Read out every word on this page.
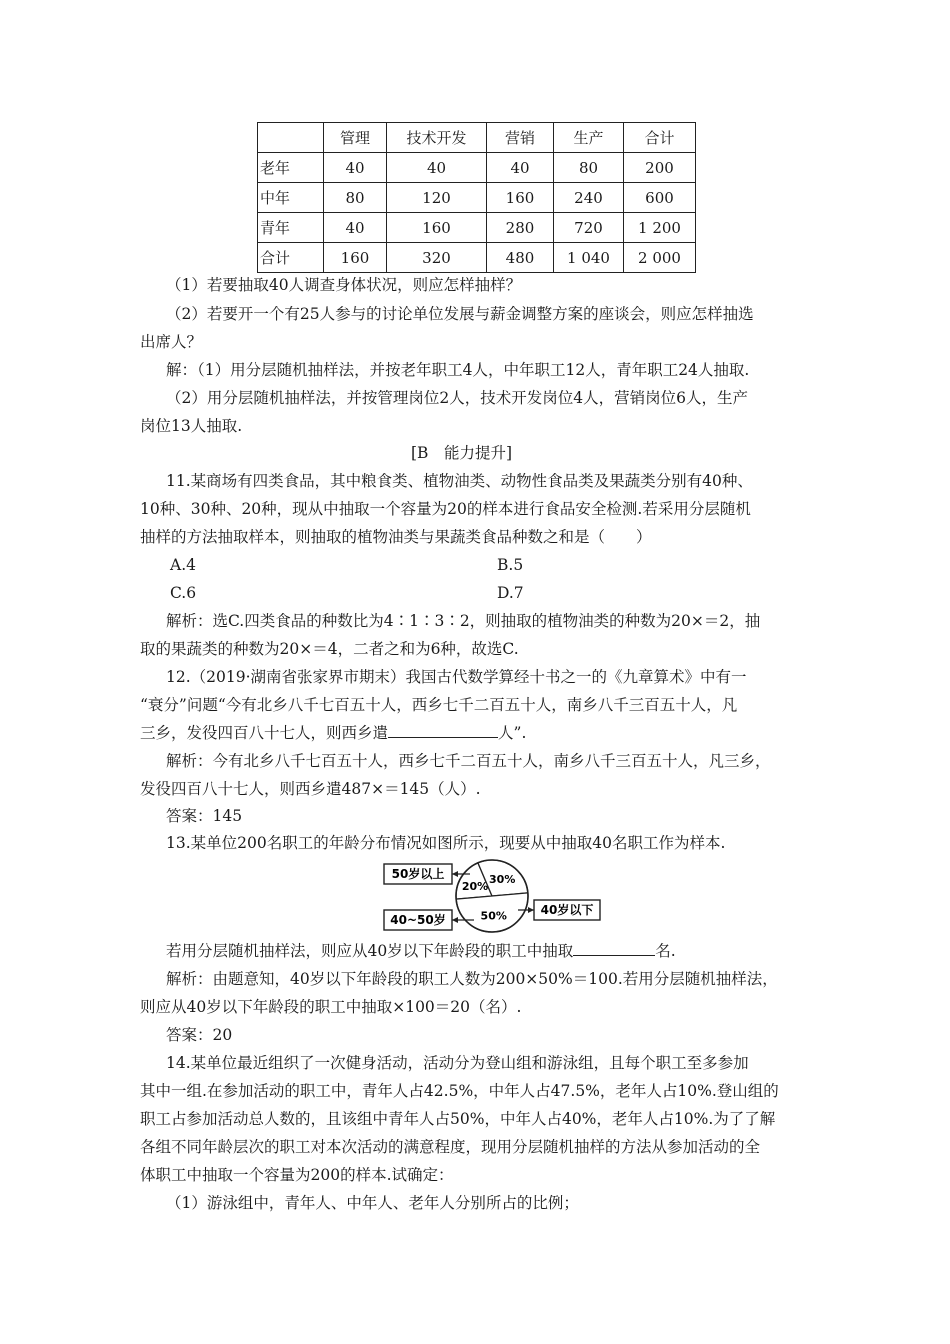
	管理	技术开发	营销	生产	合计
老年	40	40	40	80	200
中年	80	120	160	240	600
青年	40	160	280	720	1 200
合计	160	320	480	1 040	2 000
（1）若要抽取40人调查身体状况，则应怎样抽样？
（2）若要开一个有25人参与的讨论单位发展与薪金调整方案的座谈会，则应怎样抽选
出席人？
解：（1）用分层随机抽样法，并按老年职工4人，中年职工12人，青年职工24人抽取.
（2）用分层随机抽样法，并按管理岗位2人，技术开发岗位4人，营销岗位6人，生产
岗位13人抽取.
[B　能力提升]
11.某商场有四类食品，其中粮食类、植物油类、动物性食品类及果蔬类分别有40种、
10种、30种、20种，现从中抽取一个容量为20的样本进行食品安全检测.若采用分层随机
抽样的方法抽取样本，则抽取的植物油类与果蔬类食品种数之和是（　　）
A.4	B.5
C.6	D.7
解析：选C.四类食品的种数比为4∶1∶3∶2，则抽取的植物油类的种数为20×＝2，抽
取的果蔬类的种数为20×＝4，二者之和为6种，故选C.
12.（2019·湖南省张家界市期末）我国古代数学算经十书之一的《九章算术》中有一
“衰分”问题“今有北乡八千七百五十人，西乡七千二百五十人，南乡八千三百五十人，凡
三乡，发役四百八十七人，则西乡遣	人”.
解析：今有北乡八千七百五十人，西乡七千二百五十人，南乡八千三百五十人，凡三乡，
发役四百八十七人，则西乡遣487×＝145（人）.
答案：145
13.某单位200名职工的年龄分布情况如图所示，现要从中抽取40名职工作为样本.
20%
30%
50%
50岁以上
40~50岁
40岁以下
若用分层随机抽样法，则应从40岁以下年龄段的职工中抽取	名.
解析：由题意知，40岁以下年龄段的职工人数为200×50%＝100.若用分层随机抽样法，
则应从40岁以下年龄段的职工中抽取×100＝20（名）.
答案：20
14.某单位最近组织了一次健身活动，活动分为登山组和游泳组，且每个职工至多参加
其中一组.在参加活动的职工中，青年人占42.5%，中年人占47.5%，老年人占10%.登山组的
职工占参加活动总人数的，且该组中青年人占50%，中年人占40%，老年人占10%.为了了解
各组不同年龄层次的职工对本次活动的满意程度，现用分层随机抽样的方法从参加活动的全
体职工中抽取一个容量为200的样本.试确定：
（1）游泳组中，青年人、中年人、老年人分别所占的比例；
